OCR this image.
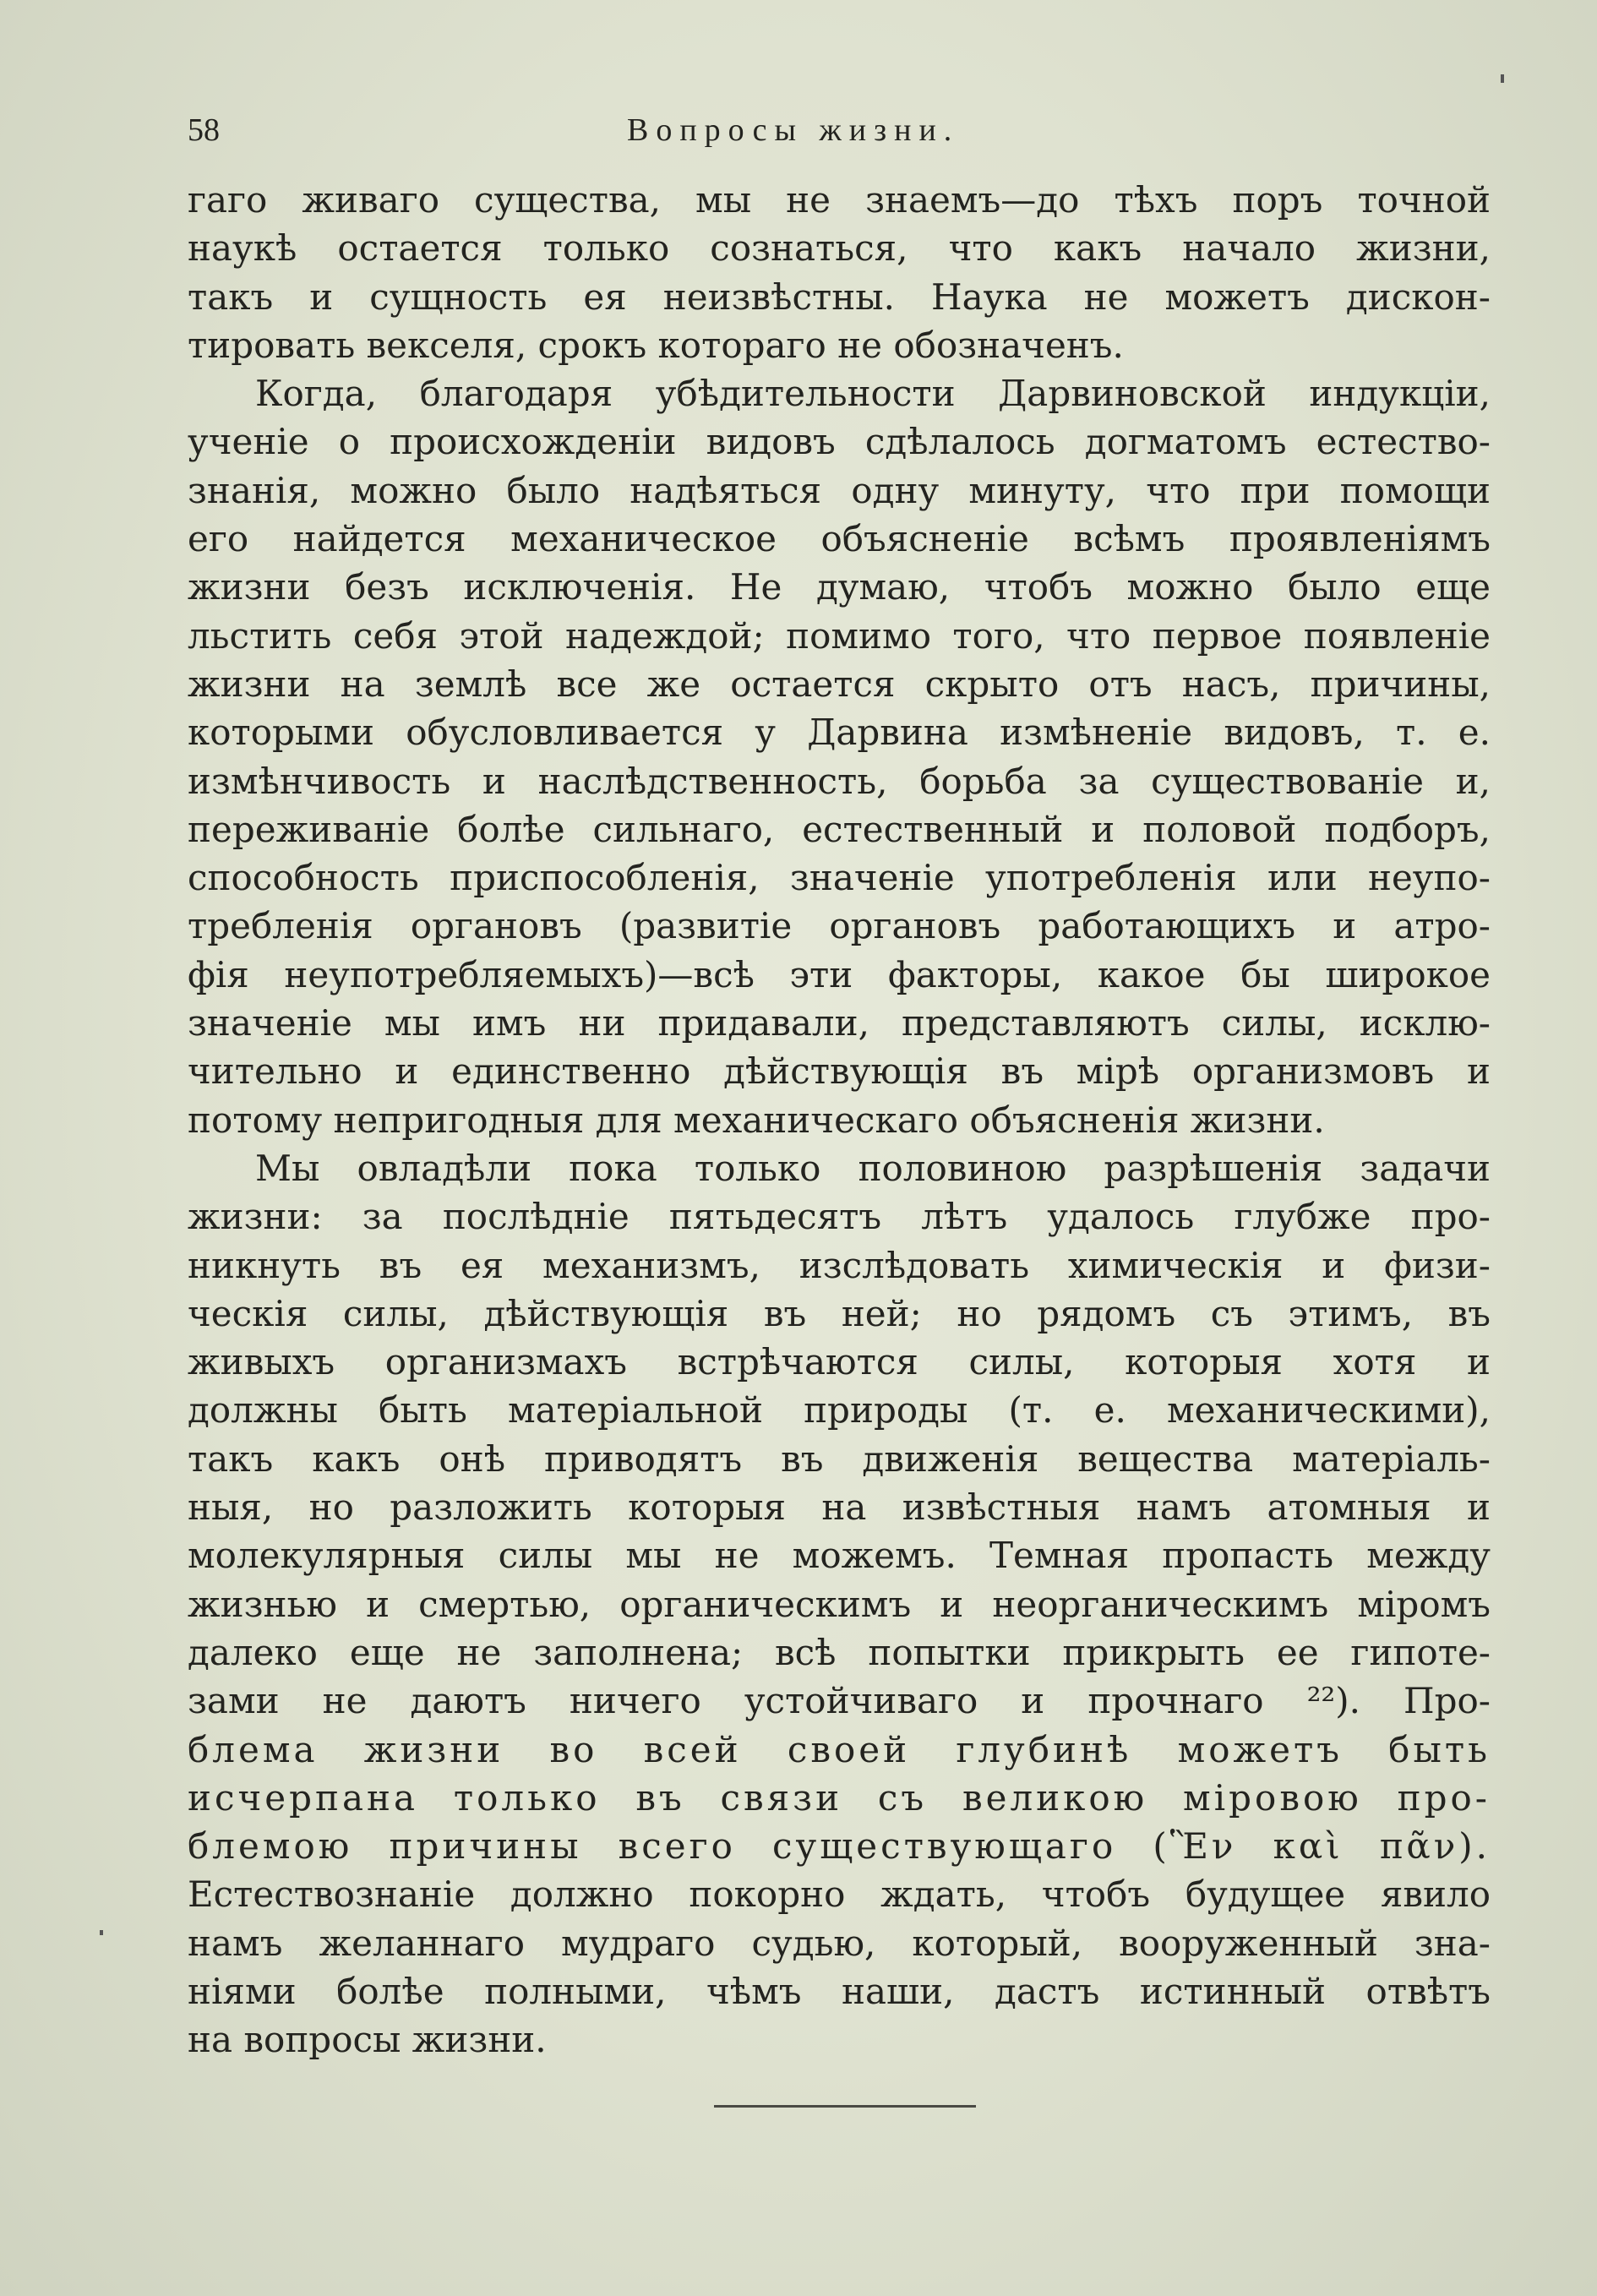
58	Вопросы жизни.
гаго живаго существа, мы не знаемъ—до тѣхъ поръ точной
наукѣ остается только сознаться, что какъ начало жизни,
такъ и сущность ея неизвѣстны. Наука не можетъ дискон-
тировать векселя, срокъ котораго не обозначенъ.
Когда, благодаря убѣдительности Дарвиновской индукціи,
ученіе о происхожденіи видовъ сдѣлалось догматомъ естество-
знанія, можно было надѣяться одну минуту, что при помощи
его найдется механическое объясненіе всѣмъ проявленіямъ
жизни безъ исключенія. Не думаю, чтобъ можно было еще
льстить себя этой надеждой; помимо того, что первое появленіе
жизни на землѣ все же остается скрыто отъ насъ, причины,
которыми обусловливается у Дарвина измѣненіе видовъ, т. е.
измѣнчивость и наслѣдственность, борьба за существованіе и,
переживаніе болѣе сильнаго, естественный и половой подборъ,
способность приспособленія, значеніе употребленія или неупо-
требленія органовъ (развитіе органовъ работающихъ и атро-
фія неупотребляемыхъ)—всѣ эти факторы, какое бы широкое
значеніе мы имъ ни придавали, представляютъ силы, исклю-
чительно и единственно дѣйствующія въ мірѣ организмовъ и
потому непригодныя для механическаго объясненія жизни.
Мы овладѣли пока только половиною разрѣшенія задачи
жизни: за послѣдніе пятьдесятъ лѣтъ удалось глубже про-
никнуть въ ея механизмъ, изслѣдовать химическія и физи-
ческія силы, дѣйствующія въ ней; но рядомъ съ этимъ, въ
живыхъ организмахъ встрѣчаются силы, которыя хотя и
должны быть матеріальной природы (т. е. механическими),
такъ какъ онѣ приводятъ въ движенія вещества матеріаль-
ныя, но разложить которыя на извѣстныя намъ атомныя и
молекулярныя силы мы не можемъ. Темная пропасть между
жизнью и смертью, органическимъ и неорганическимъ міромъ
далеко еще не заполнена; всѣ попытки прикрыть ее гипоте-
зами не даютъ ничего устойчиваго и прочнаго ²²). Про-
блема жизни во всей своей глубинѣ можетъ быть
исчерпана только въ связи съ великою міровою про-
блемою причины всего существующаго (Ἓν καὶ πᾶν).
Естествознаніе должно покорно ждать, чтобъ будущее явило
намъ желаннаго мудраго судью, который, вооруженный зна-
ніями болѣе полными, чѣмъ наши, дастъ истинный отвѣтъ
на вопросы жизни.
